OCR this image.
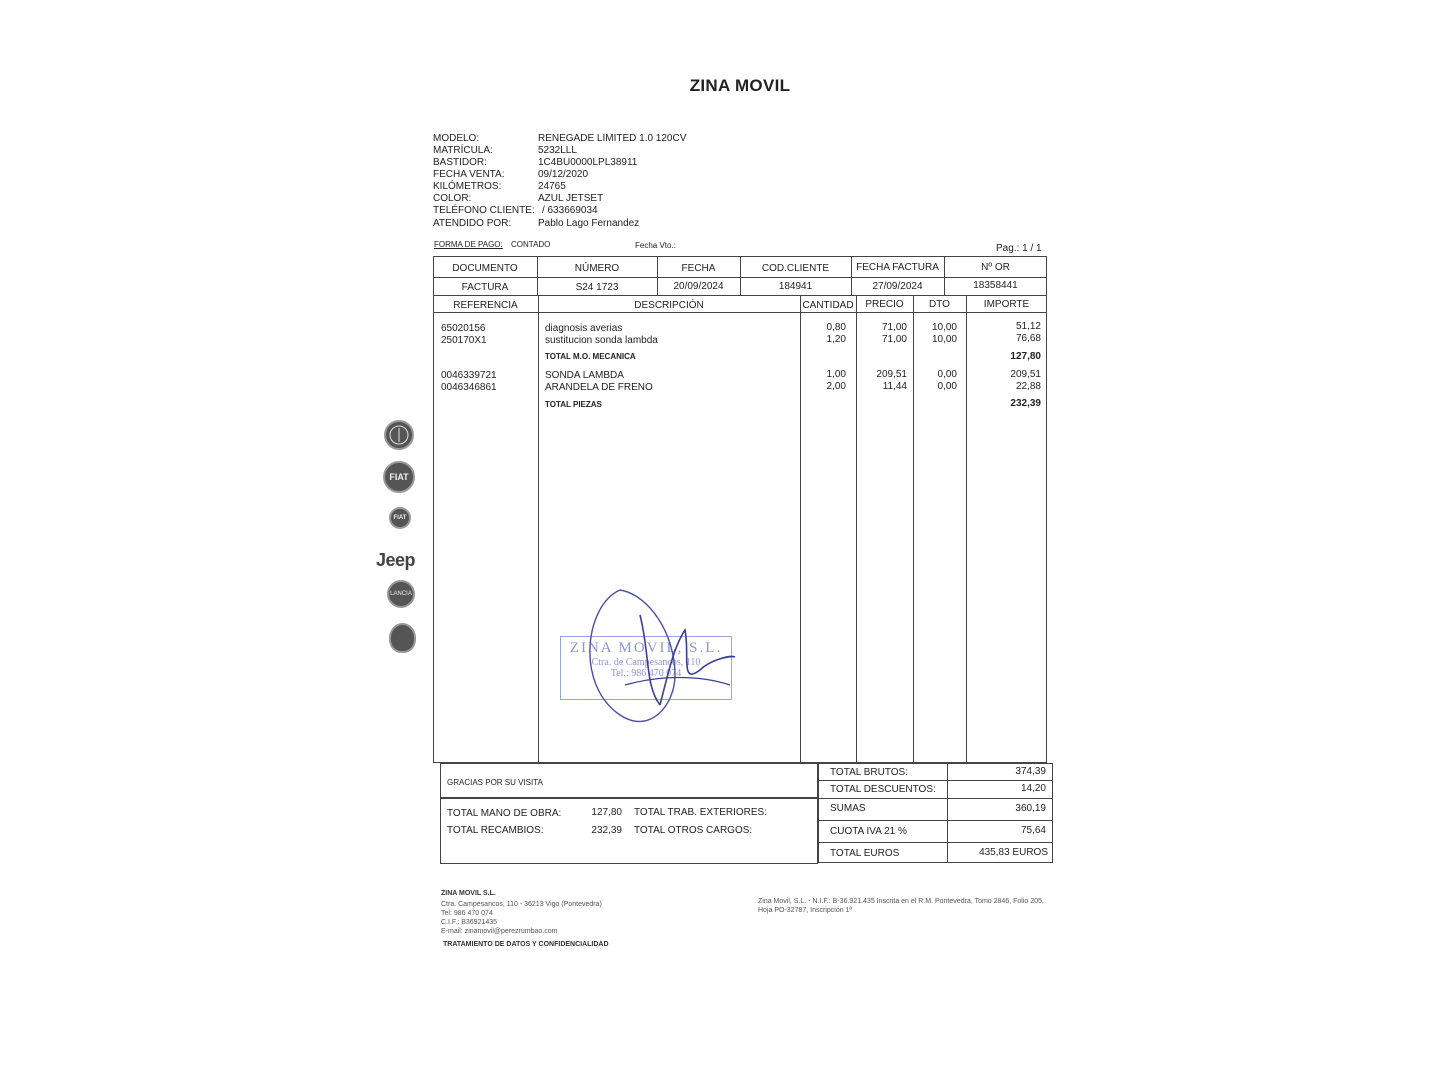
ZINA MOVIL
MODELO:	RENEGADE LIMITED 1.0 120CV
MATRÍCULA:	5232LLL
BASTIDOR:	1C4BU0000LPL38911
FECHA VENTA:	09/12/2020
KILÓMETROS:	24765
COLOR:	AZUL JETSET
TELÉFONO CLIENTE: / 633669034
ATENDIDO POR:	Pablo Lago Fernandez
FORMA DE PAGO: CONTADO	Fecha Vto.:	Pag.: 1 / 1
DOCUMENTO	NÚMERO	FECHA	COD.CLIENTE	FECHA FACTURA	Nº OR
FACTURA	S24 1723	20/09/2024	184941	27/09/2024	18358441
REFERENCIA	DESCRIPCIÓN	CANTIDAD	PRECIO	DTO	IMPORTE
65020156	diagnosis averias	0,80	71,00	10,00	51,12
250170X1	sustitucion sonda lambda	1,20	71,00	10,00	76,68
TOTAL M.O. MECANICA	127,80
0046339721	SONDA LAMBDA	1,00	209,51	0,00	209,51
0046346861	ARANDELA DE FRENO	2,00	11,44	0,00	22,88
TOTAL PIEZAS	232,39
ZINA MOVIL, S.L.
Ctra. de Campesancos, 110
Tel.: 986 470 074
GRACIAS POR SU VISITA
TOTAL MANO DE OBRA:	127,80 TOTAL TRAB. EXTERIORES:
TOTAL RECAMBIOS:	232,39 TOTAL OTROS CARGOS:
TOTAL BRUTOS:	374,39
TOTAL DESCUENTOS:	14,20
SUMAS	360,19
CUOTA IVA 21 %	75,64
TOTAL EUROS	435,83 EUROS
FIAT
FIAT
Jeep
LANCIA
ZINA MOVIL S.L.
Ctra. Campesancos, 110 - 36213 Vigo (Pontevedra)
Tel: 986 470 074
C.I.F.: B36921435
E-mail: zinamovil@perezrumbao.com
Zina Movil, S.L. - N.I.F.: B-36.921.435 Inscrita en el R.M. Pontevedra, Tomo 2846, Folio 205,
Hoja PO-32787, Inscripción 1ª
TRATAMIENTO DE DATOS Y CONFIDENCIALIDAD
